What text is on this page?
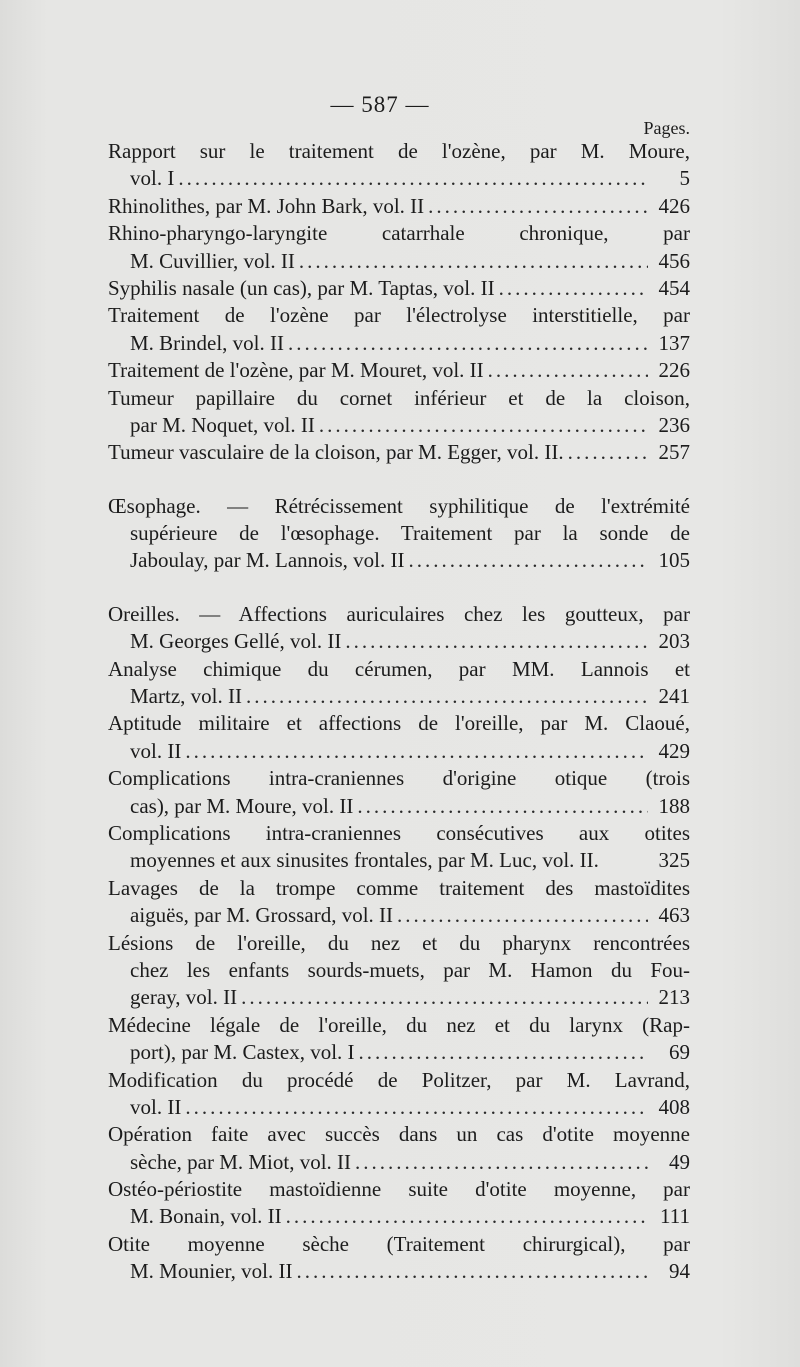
— 587 —
Pages.
Rapport sur le traitement de l'ozène, par M. Moure,
vol. I .....	5
Rhinolithes, par M. John Bark, vol. II .....	426
Rhino-pharyngo-laryngite catarrhale chronique, par
M. Cuvillier, vol. II .....	456
Syphilis nasale (un cas), par M. Taptas, vol. II .....	454
Traitement de l'ozène par l'électrolyse interstitielle, par
M. Brindel, vol. II .....	137
Traitement de l'ozène, par M. Mouret, vol. II .....	226
Tumeur papillaire du cornet inférieur et de la cloison,
par M. Noquet, vol. II .....	236
Tumeur vasculaire de la cloison, par M. Egger, vol. II. .....	257
Œsophage. — Rétrécissement syphilitique de l'extrémité
supérieure de l'œsophage. Traitement par la sonde de
Jaboulay, par M. Lannois, vol. II .....	105
Oreilles. — Affections auriculaires chez les goutteux, par
M. Georges Gellé, vol. II .....	203
Analyse chimique du cérumen, par MM. Lannois et
Martz, vol. II .....	241
Aptitude militaire et affections de l'oreille, par M. Claoué,
vol. II .....	429
Complications intra-craniennes d'origine otique (trois
cas), par M. Moure, vol. II .....	188
Complications intra-craniennes consécutives aux otites
moyennes et aux sinusites frontales, par M. Luc, vol. II.	325
Lavages de la trompe comme traitement des mastoïdites
aiguës, par M. Grossard, vol. II .....	463
Lésions de l'oreille, du nez et du pharynx rencontrées
chez les enfants sourds-muets, par M. Hamon du Fou-
geray, vol. II .....	213
Médecine légale de l'oreille, du nez et du larynx (Rap-
port), par M. Castex, vol. I .....	69
Modification du procédé de Politzer, par M. Lavrand,
vol. II .....	408
Opération faite avec succès dans un cas d'otite moyenne
sèche, par M. Miot, vol. II .....	49
Ostéo-périostite mastoïdienne suite d'otite moyenne, par
M. Bonain, vol. II .....	111
Otite moyenne sèche (Traitement chirurgical), par
M. Mounier, vol. II .....	94
